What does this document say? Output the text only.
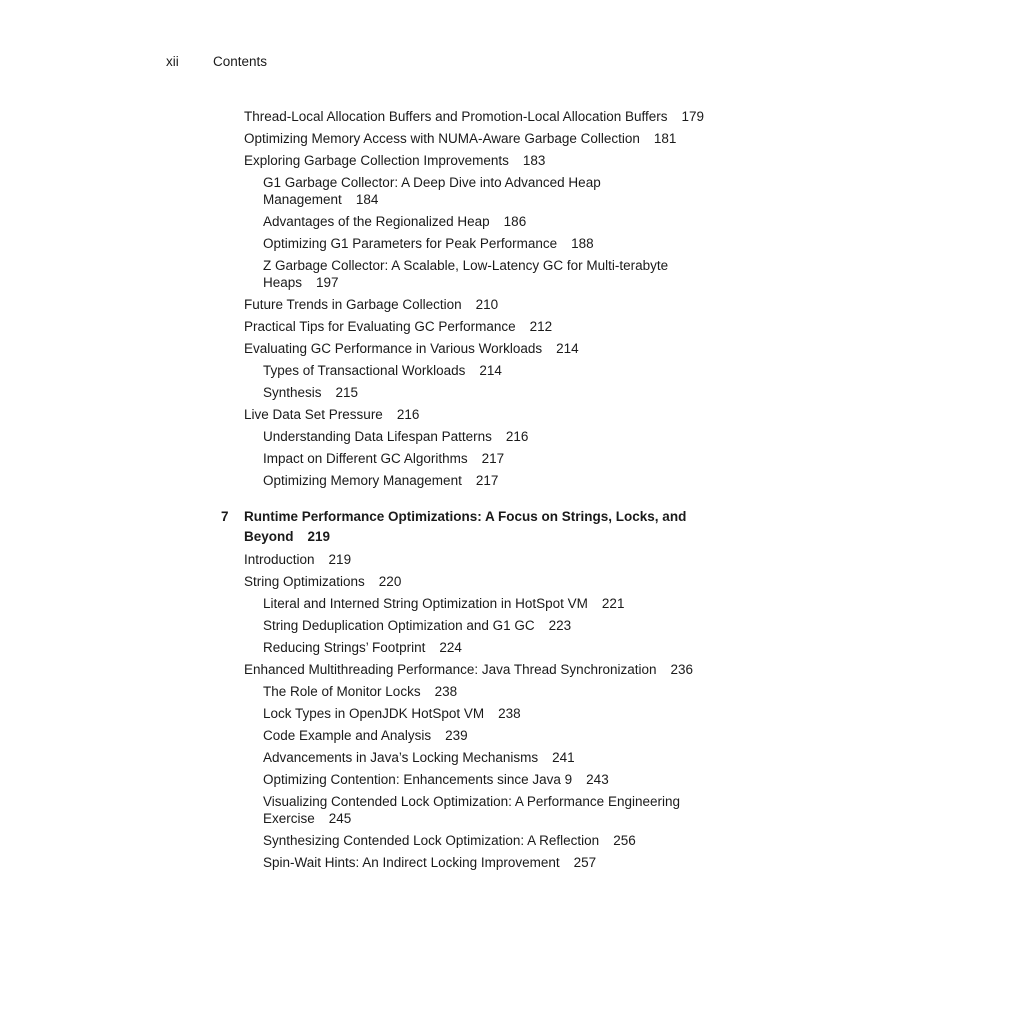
xii	Contents
Thread-Local Allocation Buffers and Promotion-Local Allocation Buffers 179
Optimizing Memory Access with NUMA-Aware Garbage Collection 181
Exploring Garbage Collection Improvements 183
G1 Garbage Collector: A Deep Dive into Advanced Heap Management 184
Advantages of the Regionalized Heap 186
Optimizing G1 Parameters for Peak Performance 188
Z Garbage Collector: A Scalable, Low-Latency GC for Multi-terabyte Heaps 197
Future Trends in Garbage Collection 210
Practical Tips for Evaluating GC Performance 212
Evaluating GC Performance in Various Workloads 214
Types of Transactional Workloads 214
Synthesis 215
Live Data Set Pressure 216
Understanding Data Lifespan Patterns 216
Impact on Different GC Algorithms 217
Optimizing Memory Management 217
7 Runtime Performance Optimizations: A Focus on Strings, Locks, and Beyond 219
Introduction 219
String Optimizations 220
Literal and Interned String Optimization in HotSpot VM 221
String Deduplication Optimization and G1 GC 223
Reducing Strings’ Footprint 224
Enhanced Multithreading Performance: Java Thread Synchronization 236
The Role of Monitor Locks 238
Lock Types in OpenJDK HotSpot VM 238
Code Example and Analysis 239
Advancements in Java’s Locking Mechanisms 241
Optimizing Contention: Enhancements since Java 9 243
Visualizing Contended Lock Optimization: A Performance Engineering Exercise 245
Synthesizing Contended Lock Optimization: A Reflection 256
Spin-Wait Hints: An Indirect Locking Improvement 257
